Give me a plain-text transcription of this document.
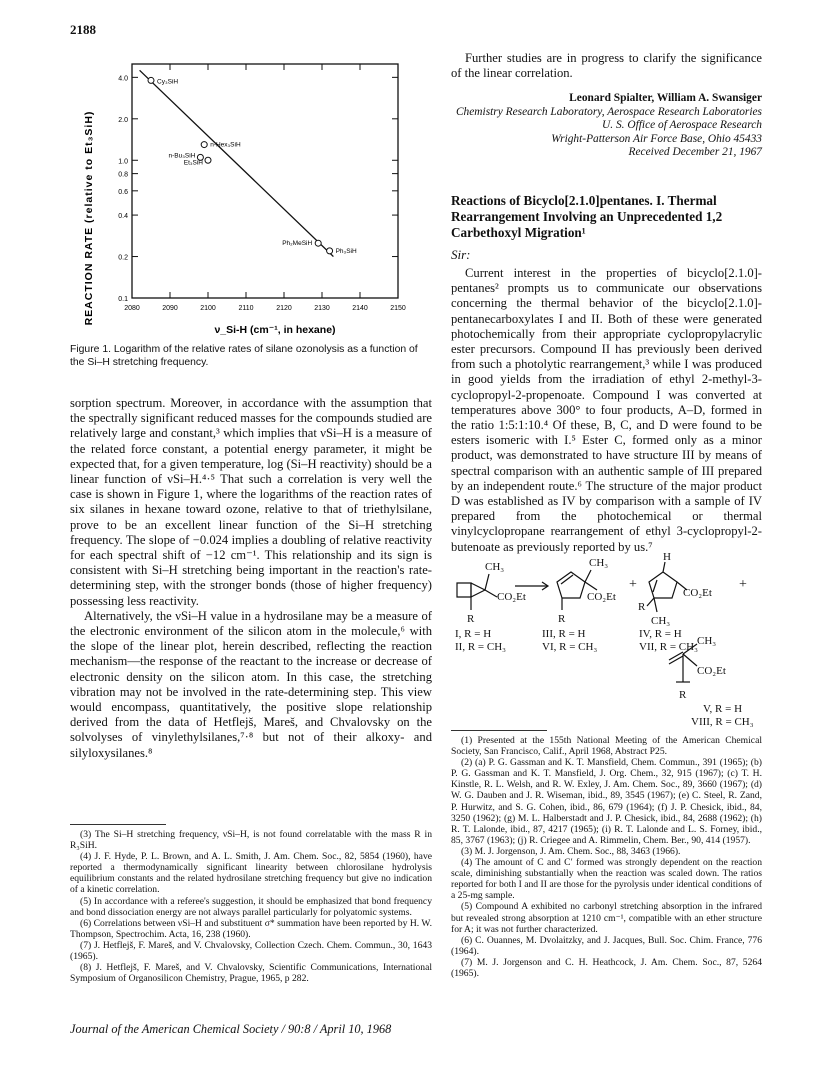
2188
2080	2090	2100	2110	2120	2130	2140	2150
0.1
0.2
0.4
0.6
0.8
1.0
2.0
4.0	Cy₃SiH
n-Hex₃SiH
n-Bu₃SiH
Et₃SiH
Ph₂MeSiH
Ph₃SiH
REACTION RATE (relative to Et₃SiH)
ν_Si-H (cm⁻¹, in hexane)
Figure 1. Logarithm of the relative rates of silane ozonolysis as a function of the Si–H stretching frequency.

sorption spectrum. Moreover, in accordance with the assumption that the spectrally significant reduced masses for the compounds studied are relatively large and constant,³ which implies that νSi–H is a measure of the related force constant, a potential energy parameter, it might be expected that, for a given temperature, log (Si–H reactivity) should be a linear function of νSi–H.⁴·⁵ That such a correlation is very well the case is shown in Figure 1, where the logarithms of the reaction rates of six silanes in hexane toward ozone, relative to that of triethylsilane, prove to be an excellent linear function of the Si–H stretching frequency. The slope of −0.024 implies a doubling of relative reactivity for each spectral shift of −12 cm⁻¹. This relationship and its sign is consistent with Si–H stretching being important in the reaction's rate-determining step, with the stronger bonds (those of higher frequency) possessing less reactivity.

Alternatively, the νSi–H value in a hydrosilane may be a measure of the electronic environment of the silicon atom in the molecule,⁶ with the slope of the linear plot, herein described, reflecting the reaction mechanism—the response of the reactant to the increase or decrease of electronic density on the silicon atom. In this case, the stretching vibration may not be involved in the rate-determining step. This view would encompass, quantitatively, the positive slope relationship derived from the data of Hetflejš, Mareš, and Chvalovsky on the solvolyses of vinylethylsilanes,⁷·⁸ but not of their alkoxy- and silyloxysilanes.⁸

(3) The Si–H stretching frequency, νSi–H, is not found correlatable with the mass R in R₃SiH.

(4) J. F. Hyde, P. L. Brown, and A. L. Smith, J. Am. Chem. Soc., 82, 5854 (1960), have reported a thermodynamically significant linearity between chlorosilane hydrolysis equilibrium constants and the related hydrosilane stretching frequency but give no indication of a kinetic correlation.

(5) In accordance with a referee's suggestion, it should be emphasized that bond frequency and bond dissociation energy are not always parallel particularly for polyatomic systems.

(6) Correlations between νSi–H and substituent σ* summation have been reported by H. W. Thompson, Spectrochim. Acta, 16, 238 (1960).

(7) J. Hetflejš, F. Mareš, and V. Chvalovsky, Collection Czech. Chem. Commun., 30, 1643 (1965).

(8) J. Hetflejš, F. Mareš, and V. Chvalovsky, Scientific Communications, International Symposium of Organosilicon Chemistry, Prague, 1965, p 282.

Further studies are in progress to clarify the significance of the linear correlation.

Leonard Spialter, William A. Swansiger
Chemistry Research Laboratory, Aerospace Research Laboratories
U. S. Office of Aerospace Research
Wright-Patterson Air Force Base, Ohio 45433
Received December 21, 1967
Reactions of Bicyclo[2.1.0]pentanes. I. Thermal Rearrangement Involving an Unprecedented 1,2 Carbethoxyl Migration¹
Sir:

Current interest in the properties of bicyclo[2.1.0]-pentanes² prompts us to communicate our observations concerning the thermal behavior of the bicyclo[2.1.0]-pentanecarboxylates I and II. Both of these were generated photochemically from their appropriate cyclopropylacrylic ester precursors. Compound II has previously been derived from such a photolytic rearrangement,³ while I was produced in good yields from the irradiation of ethyl 2-methyl-3-cyclopropyl-2-propenoate. Compound I was converted at temperatures above 300° to four products, A–D, formed in the ratio 1:5:1:10.⁴ Of these, B, C, and D were found to be esters isomeric with I.⁵ Ester C, formed only as a minor product, was demonstrated to have structure III by means of spectral comparison with an authentic sample of III prepared by an independent route.⁶ The structure of the major product D was established as IV by comparison with a sample of IV prepared from the photochemical or thermal vinylcyclopropane rearrangement of ethyl 3-cyclopropyl-2-butenoate as previously reported by us.⁷

CH₃
CO₂Et
R
CH₃
CO₂Et
R
+
H
CO₂Et
R
CH₃
+
I, R = H
II, R = CH₃
III, R = H
VI, R = CH₃
IV, R = H
VII, R = CH₃ CH₃
CO₂Et
R
V, R = H
VIII, R = CH₃

(1) Presented at the 155th National Meeting of the American Chemical Society, San Francisco, Calif., April 1968, Abstract P25.

(2) (a) P. G. Gassman and K. T. Mansfield, Chem. Commun., 391 (1965); (b) P. G. Gassman and K. T. Mansfield, J. Org. Chem., 32, 915 (1967); (c) T. H. Kinstle, R. L. Welsh, and R. W. Exley, J. Am. Chem. Soc., 89, 3660 (1967); (d) W. G. Dauben and J. R. Wiseman, ibid., 89, 3545 (1967); (e) C. Steel, R. Zand, P. Hurwitz, and S. G. Cohen, ibid., 86, 679 (1964); (f) J. P. Chesick, ibid., 84, 3250 (1962); (g) M. L. Halberstadt and J. P. Chesick, ibid., 84, 2688 (1962); (h) R. T. Lalonde, ibid., 87, 4217 (1965); (i) R. T. Lalonde and L. S. Forney, ibid., 85, 3767 (1963); (j) R. Criegee and A. Rimmelin, Chem. Ber., 90, 414 (1957).

(3) M. J. Jorgenson, J. Am. Chem. Soc., 88, 3463 (1966).

(4) The amount of C and C′ formed was strongly dependent on the reaction scale, diminishing substantially when the reaction was scaled down. The ratios reported for both I and II are those for the pyrolysis under identical conditions of a 25-mg sample.

(5) Compound A exhibited no carbonyl stretching absorption in the infrared but revealed strong absorption at 1210 cm⁻¹, compatible with an ether structure for A; it was not further characterized.

(6) C. Ouannes, M. Dvolaitzky, and J. Jacques, Bull. Soc. Chim. France, 776 (1964).

(7) M. J. Jorgenson and C. H. Heathcock, J. Am. Chem. Soc., 87, 5264 (1965).

Journal of the American Chemical Society / 90:8 / April 10, 1968
